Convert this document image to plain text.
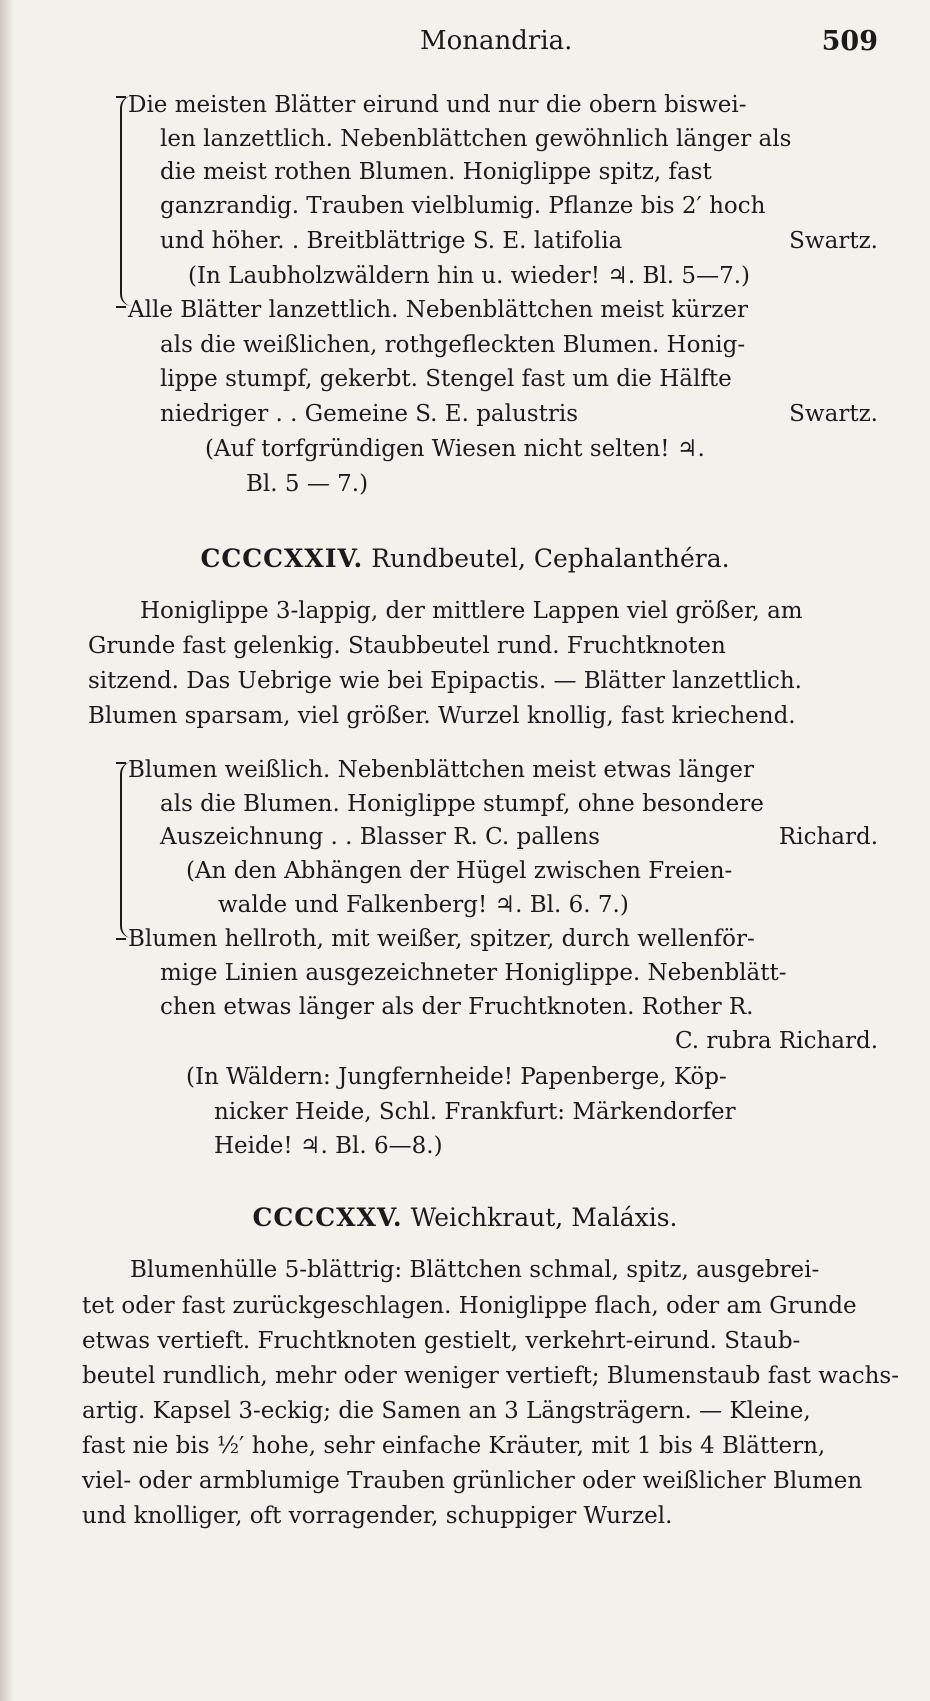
Monandria.	509
Die meisten Blätter eirund und nur die obern biswei-
len lanzettlich. Nebenblättchen gewöhnlich länger als
die meist rothen Blumen. Honiglippe spitz, fast
ganzrandig. Trauben vielblumig. Pflanze bis 2′ hoch
und höher. . Breitblättrige S. E. latifolia	Swartz.
(In Laubholzwäldern hin u. wieder! ♃. Bl. 5—7.)
Alle Blätter lanzettlich. Nebenblättchen meist kürzer
als die weißlichen, rothgefleckten Blumen. Honig-
lippe stumpf, gekerbt. Stengel fast um die Hälfte
niedriger . . Gemeine S. E. palustris	Swartz.
(Auf torfgründigen Wiesen nicht selten! ♃.
Bl. 5 — 7.)
CCCCXXIV. Rundbeutel, Cephalanthéra.
Honiglippe 3-lappig, der mittlere Lappen viel größer, am
Grunde fast gelenkig. Staubbeutel rund. Fruchtknoten
sitzend. Das Uebrige wie bei Epipactis. — Blätter lanzettlich.
Blumen sparsam, viel größer. Wurzel knollig, fast kriechend.
Blumen weißlich. Nebenblättchen meist etwas länger
als die Blumen. Honiglippe stumpf, ohne besondere
Auszeichnung . . Blasser R. C. pallens	Richard.
(An den Abhängen der Hügel zwischen Freien-
walde und Falkenberg! ♃. Bl. 6. 7.)
Blumen hellroth, mit weißer, spitzer, durch wellenför-
mige Linien ausgezeichneter Honiglippe. Nebenblätt-
chen etwas länger als der Fruchtknoten. Rother R.
C. rubra Richard.
(In Wäldern: Jungfernheide! Papenberge, Köp-
nicker Heide, Schl. Frankfurt: Märkendorfer
Heide! ♃. Bl. 6—8.)
CCCCXXV. Weichkraut, Maláxis.
Blumenhülle 5-blättrig: Blättchen schmal, spitz, ausgebrei-
tet oder fast zurückgeschlagen. Honiglippe flach, oder am Grunde
etwas vertieft. Fruchtknoten gestielt, verkehrt-eirund. Staub-
beutel rundlich, mehr oder weniger vertieft; Blumenstaub fast wachs-
artig. Kapsel 3-eckig; die Samen an 3 Längsträgern. — Kleine,
fast nie bis ½′ hohe, sehr einfache Kräuter, mit 1 bis 4 Blättern,
viel- oder armblumige Trauben grünlicher oder weißlicher Blumen
und knolliger, oft vorragender, schuppiger Wurzel.
